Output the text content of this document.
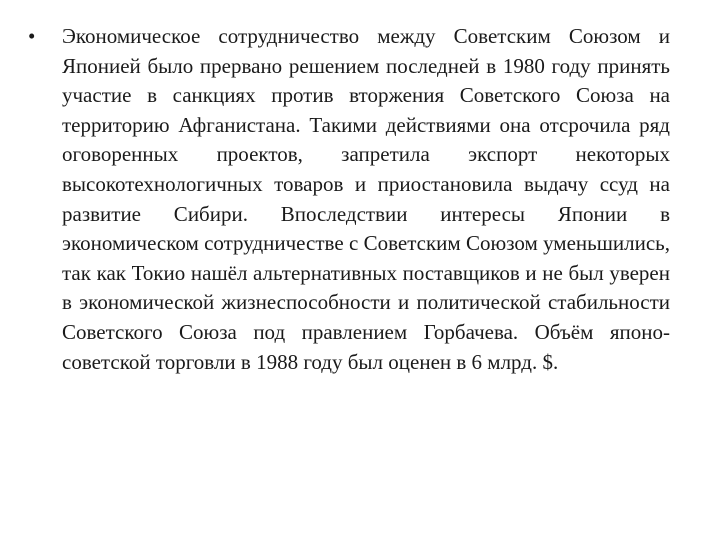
•	Экономическое сотрудничество между Советским Союзом и Японией было прервано решением последней в 1980 году принять участие в санкциях против вторжения Советского Союза на территорию Афганистана. Такими действиями она отсрочила ряд оговоренных проектов, запретила экспорт некоторых высокотехнологичных товаров и приостановила выдачу ссуд на развитие Сибири. Впоследствии интересы Японии в экономическом сотрудничестве с Советским Союзом уменьшились, так как Токио нашёл альтернативных поставщиков и не был уверен в экономической жизнеспособности и политической стабильности Советского Союза под правлением Горбачева. Объём японо-советской торговли в 1988 году был оценен в 6 млрд. $.
